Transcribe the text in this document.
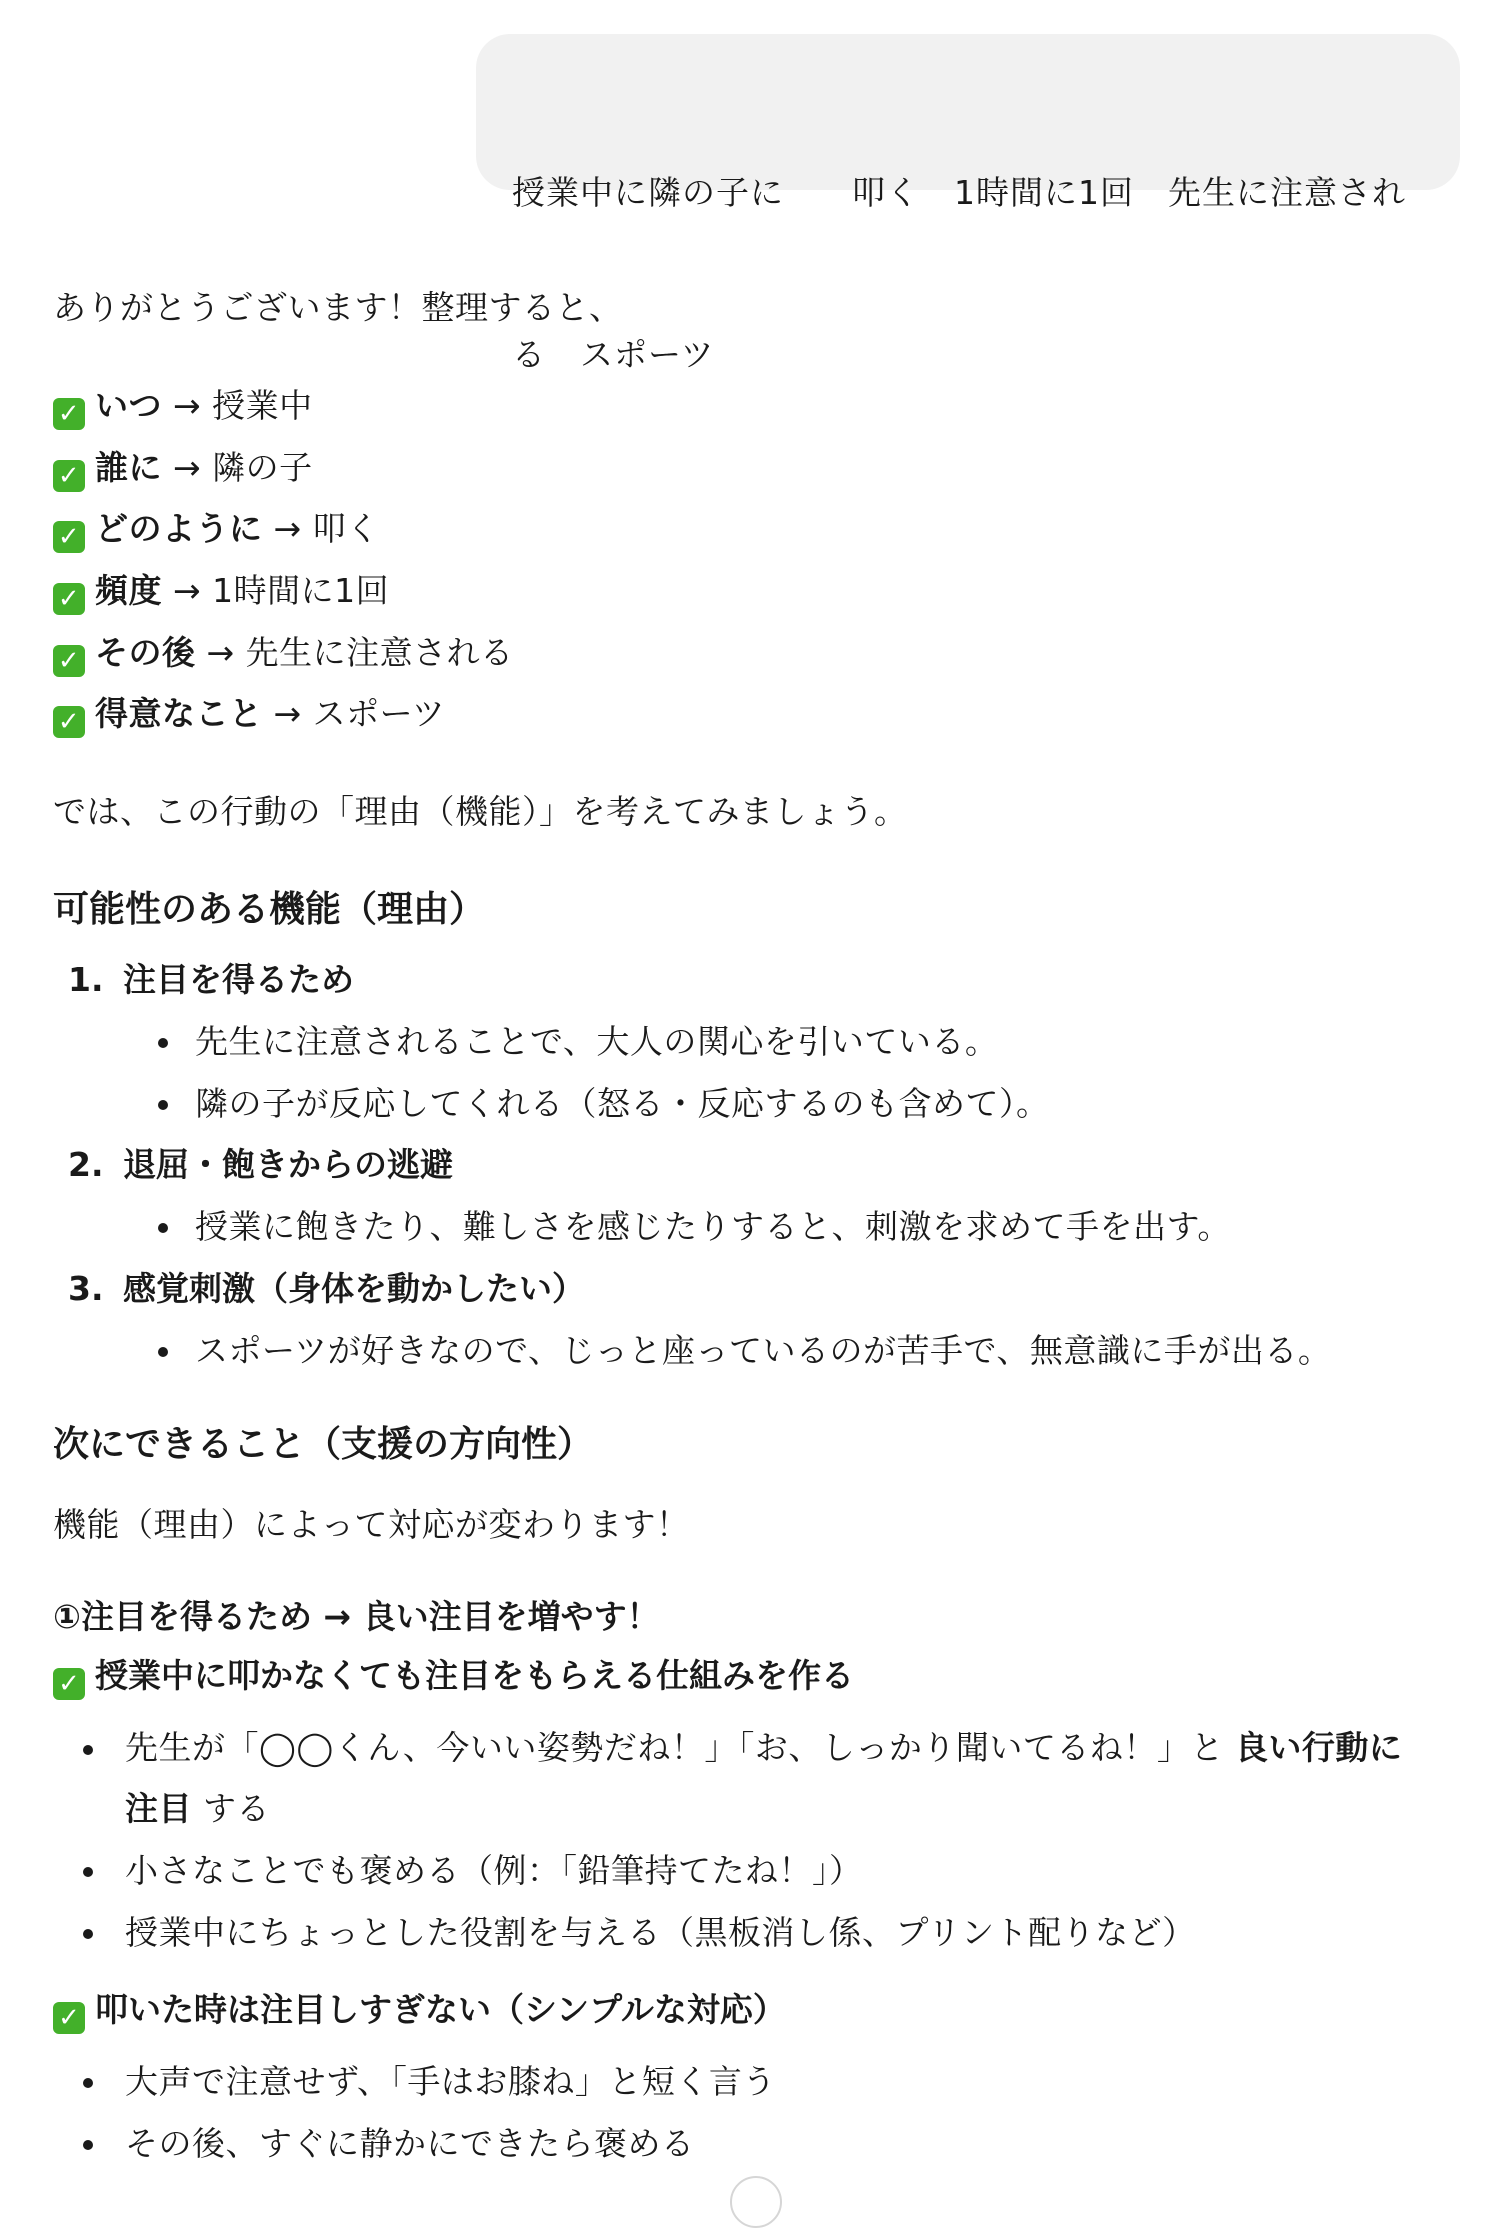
授業中に隣の子に　　叩く　1時間に1回　先生に注意され

る　スポーツ

ありがとうございます！整理すると、
✓ いつ → 授業中
✓ 誰に → 隣の子
✓ どのように → 叩く
✓ 頻度 → 1時間に1回
✓ その後 → 先生に注意される
✓ 得意なこと → スポーツ
では、この行動の「理由（機能）」を考えてみましょう。
可能性のある機能（理由）
1. 注目を得るため
先生に注意されることで、大人の関心を引いている。
隣の子が反応してくれる（怒る・反応するのも含めて）。
2. 退屈・飽きからの逃避
授業に飽きたり、難しさを感じたりすると、刺激を求めて手を出す。
3. 感覚刺激（身体を動かしたい）
スポーツが好きなので、じっと座っているのが苦手で、無意識に手が出る。
次にできること（支援の方向性）
機能（理由）によって対応が変わります！
①注目を得るため → 良い注目を増やす！
✓ 授業中に叩かなくても注目をもらえる仕組みを作る
先生が「◯◯くん、今いい姿勢だね！」「お、しっかり聞いてるね！」と 良い行動に
注目 する
小さなことでも褒める（例：「鉛筆持てたね！」）
授業中にちょっとした役割を与える（黒板消し係、プリント配りなど）
✓ 叩いた時は注目しすぎない（シンプルな対応）
大声で注意せず、「手はお膝ね」と短く言う
その後、すぐに静かにできたら褒める
